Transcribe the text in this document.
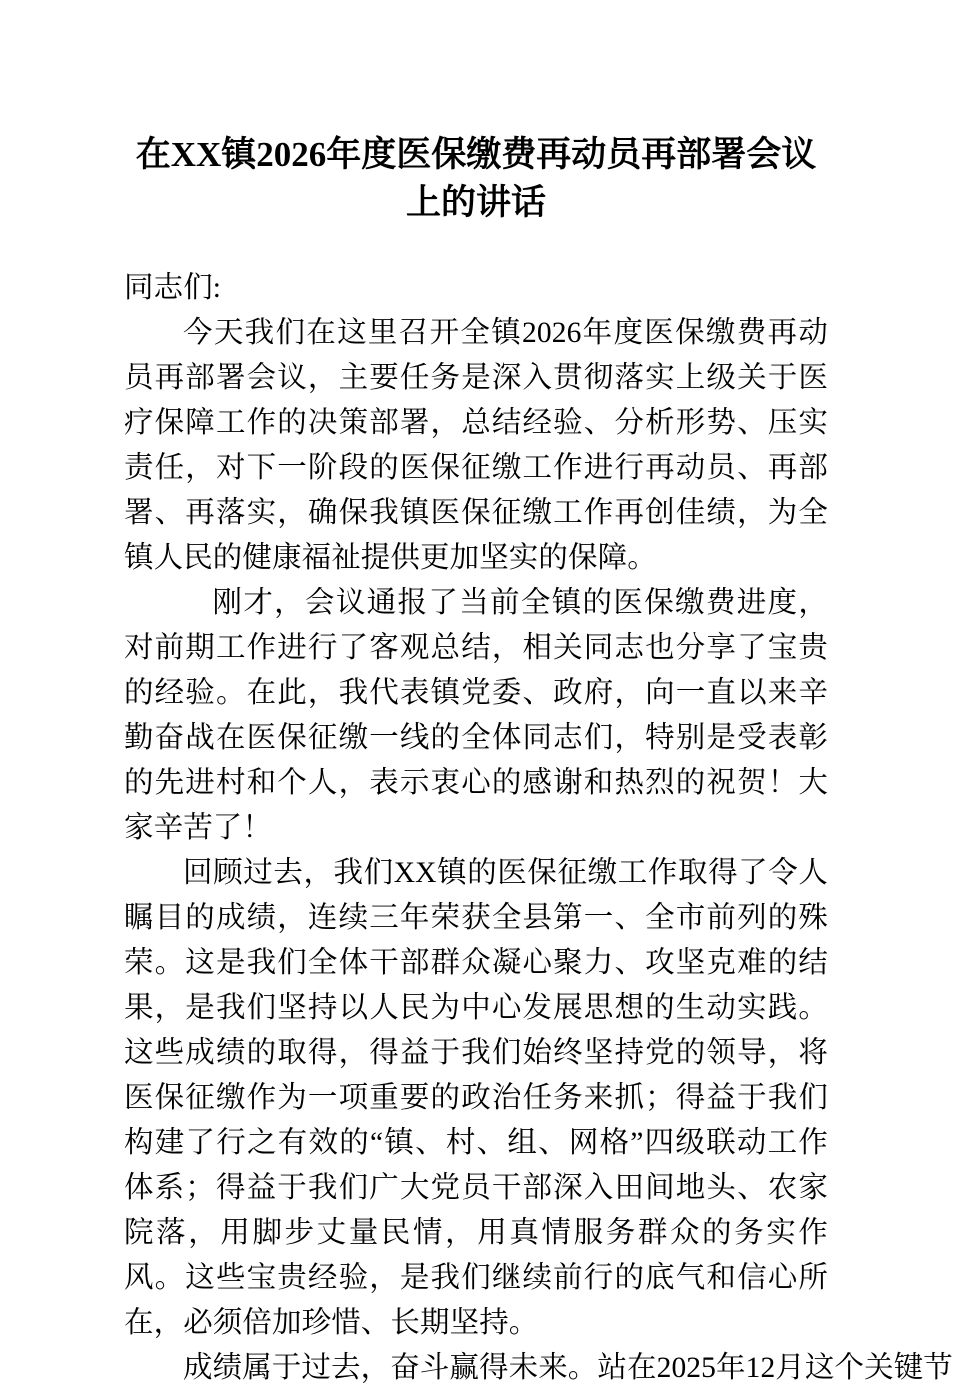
在XX镇2026年度医保缴费再动员再部署会议上的讲话

同志们:

今天我们在这里召开全镇2026年度医保缴费再动员再部署会议，主要任务是深入贯彻落实上级关于医疗保障工作的决策部署，总结经验、分析形势、压实责任，对下一阶段的医保征缴工作进行再动员、再部署、再落实，确保我镇医保征缴工作再创佳绩，为全镇人民的健康福祉提供更加坚实的保障。

刚才，会议通报了当前全镇的医保缴费进度，对前期工作进行了客观总结，相关同志也分享了宝贵的经验。在此，我代表镇党委、政府，向一直以来辛勤奋战在医保征缴一线的全体同志们，特别是受表彰的先进村和个人，表示衷心的感谢和热烈的祝贺！大家辛苦了！

回顾过去，我们XX镇的医保征缴工作取得了令人瞩目的成绩，连续三年荣获全县第一、全市前列的殊荣。这是我们全体干部群众凝心聚力、攻坚克难的结果，是我们坚持以人民为中心发展思想的生动实践。这些成绩的取得，得益于我们始终坚持党的领导，将医保征缴作为一项重要的政治任务来抓；得益于我们构建了行之有效的“镇、村、组、网格”四级联动工作体系；得益于我们广大党员干部深入田间地头、农家院落，用脚步丈量民情，用真情服务群众的务实作风。这些宝贵经验，是我们继续前行的底气和信心所在，必须倍加珍惜、长期坚持。

成绩属于过去，奋斗赢得未来。站在2025年12月这个关键节
